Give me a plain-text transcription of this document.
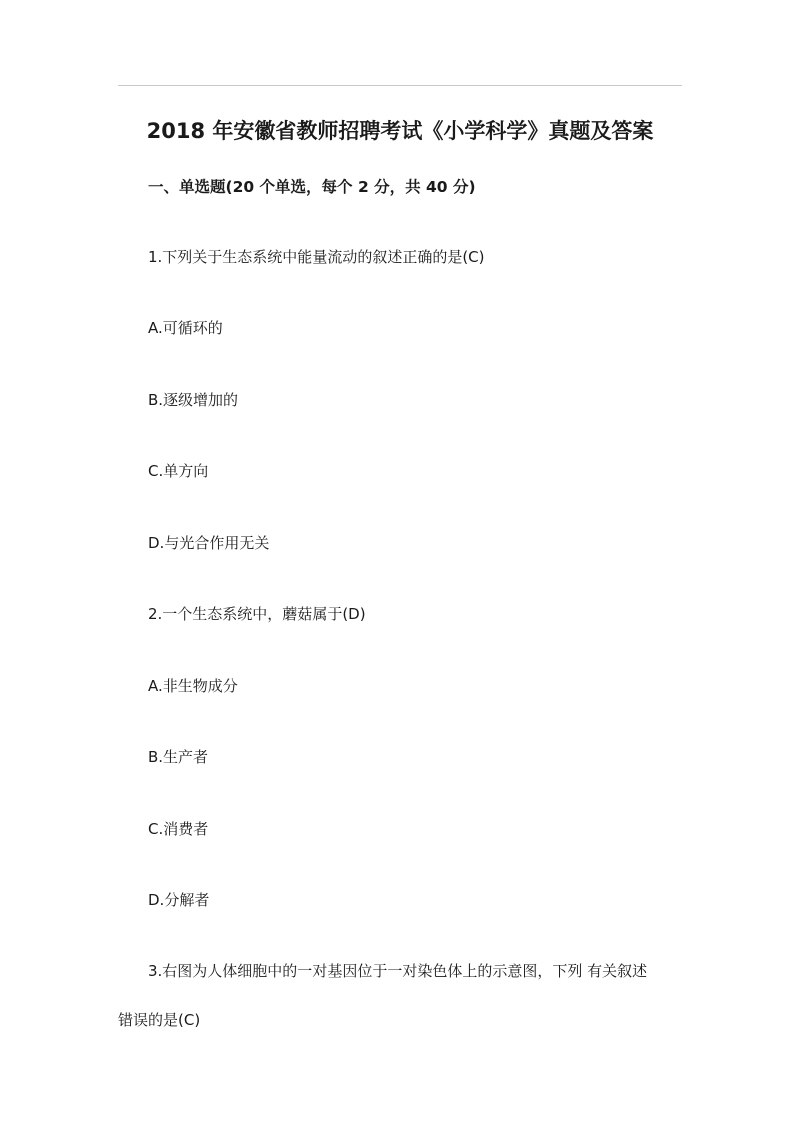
2018 年安徽省教师招聘考试《小学科学》真题及答案
一、单选题(20 个单选，每个 2 分，共 40 分)
1.下列关于生态系统中能量流动的叙述正确的是(C)
A.可循环的
B.逐级增加的
C.单方向
D.与光合作用无关
2.一个生态系统中，蘑菇属于(D)
A.非生物成分
B.生产者
C.消费者
D.分解者
3.右图为人体细胞中的一对基因位于一对染色体上的示意图，下列 有关叙述
错误的是(C)
